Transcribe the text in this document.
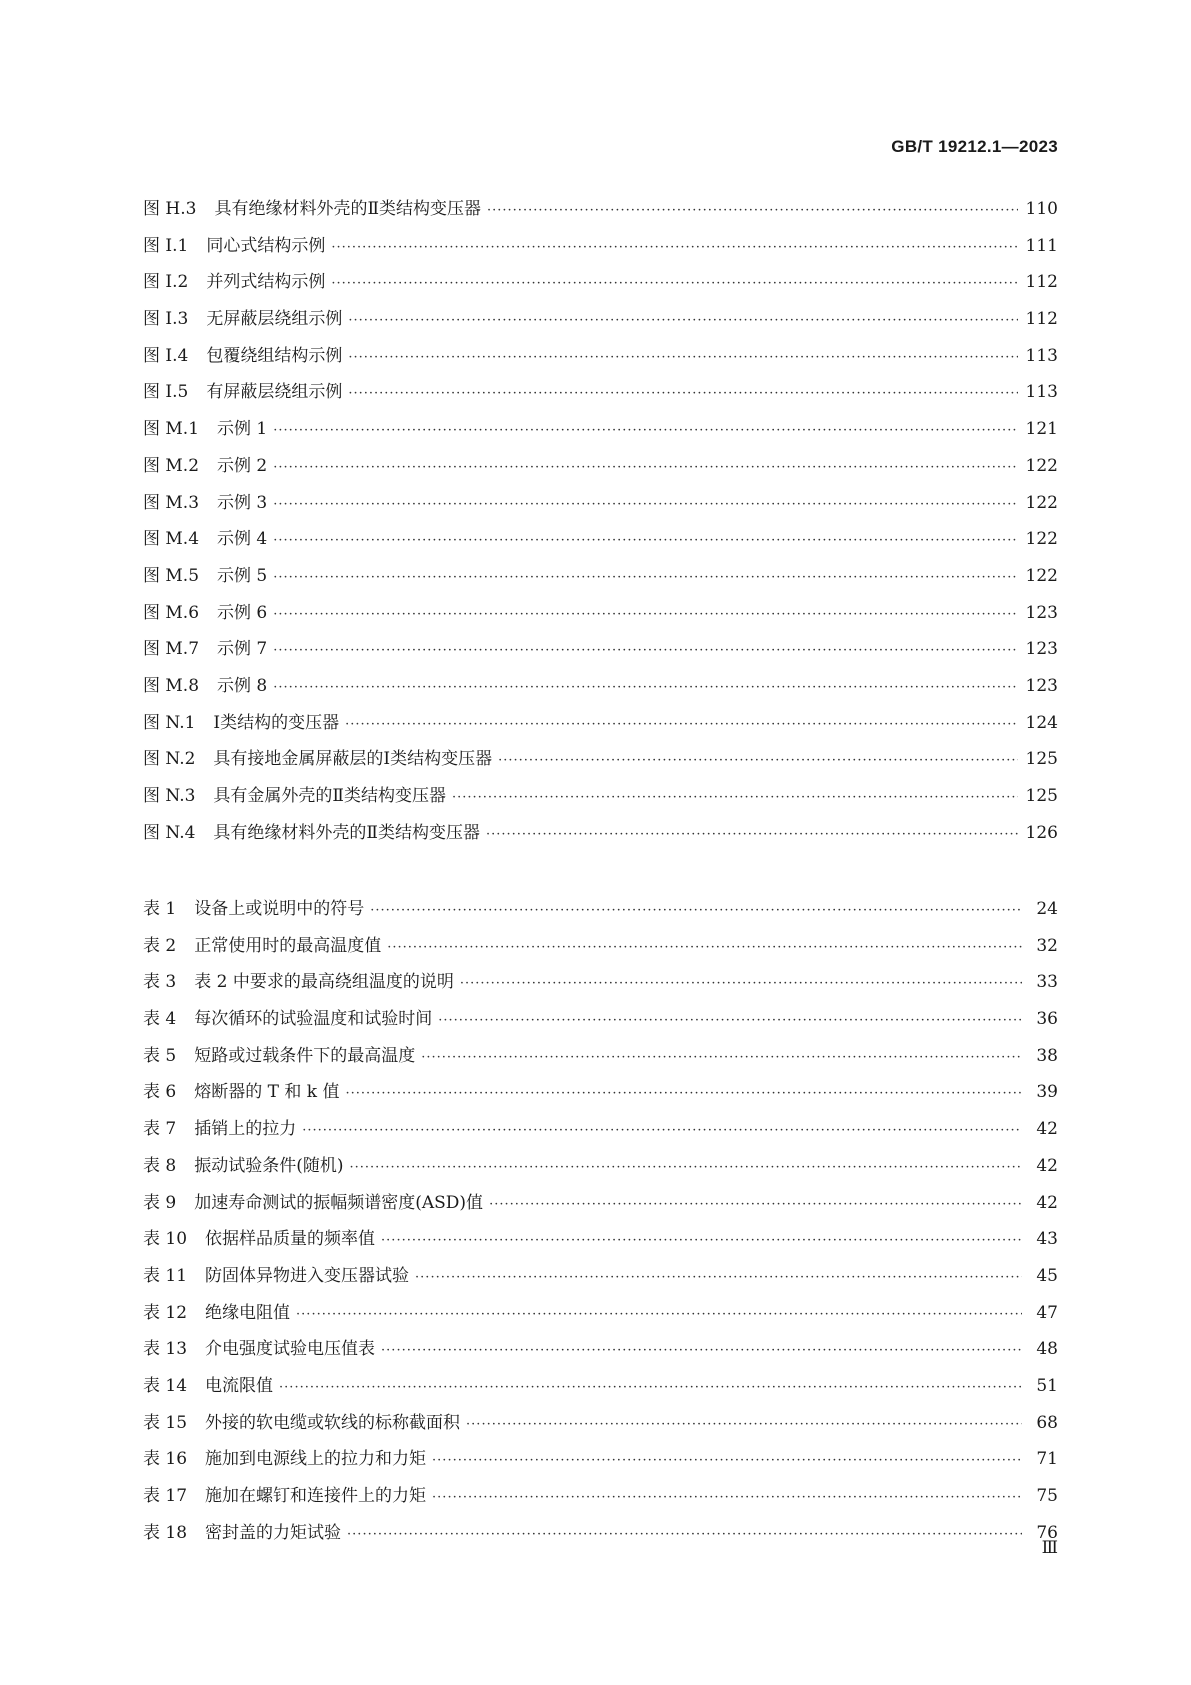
GB/T 19212.1—2023
图 H.3 具有绝缘材料外壳的Ⅱ类结构变压器 ·····	110
图 I.1 同心式结构示例 ·····	111
图 I.2 并列式结构示例 ·····	112
图 I.3 无屏蔽层绕组示例 ·····	112
图 I.4 包覆绕组结构示例 ·····	113
图 I.5 有屏蔽层绕组示例 ·····	113
图 M.1 示例 1 ·····	121
图 M.2 示例 2 ·····	122
图 M.3 示例 3 ·····	122
图 M.4 示例 4 ·····	122
图 M.5 示例 5 ·····	122
图 M.6 示例 6 ·····	123
图 M.7 示例 7 ·····	123
图 M.8 示例 8 ·····	123
图 N.1 Ⅰ类结构的变压器 ·····	124
图 N.2 具有接地金属屏蔽层的Ⅰ类结构变压器 ·····	125
图 N.3 具有金属外壳的Ⅱ类结构变压器 ·····	125
图 N.4 具有绝缘材料外壳的Ⅱ类结构变压器 ·····	126
表 1 设备上或说明中的符号 ·····	24
表 2 正常使用时的最高温度值 ·····	32
表 3 表 2 中要求的最高绕组温度的说明 ·····	33
表 4 每次循环的试验温度和试验时间 ·····	36
表 5 短路或过载条件下的最高温度 ·····	38
表 6 熔断器的 T 和 k 值 ·····	39
表 7 插销上的拉力 ·····	42
表 8 振动试验条件(随机) ·····	42
表 9 加速寿命测试的振幅频谱密度(ASD)值 ·····	42
表 10 依据样品质量的频率值 ·····	43
表 11 防固体异物进入变压器试验 ·····	45
表 12 绝缘电阻值 ·····	47
表 13 介电强度试验电压值表 ·····	48
表 14 电流限值 ·····	51
表 15 外接的软电缆或软线的标称截面积 ·····	68
表 16 施加到电源线上的拉力和力矩 ·····	71
表 17 施加在螺钉和连接件上的力矩 ·····	75
表 18 密封盖的力矩试验 ·····	76
Ⅲ
